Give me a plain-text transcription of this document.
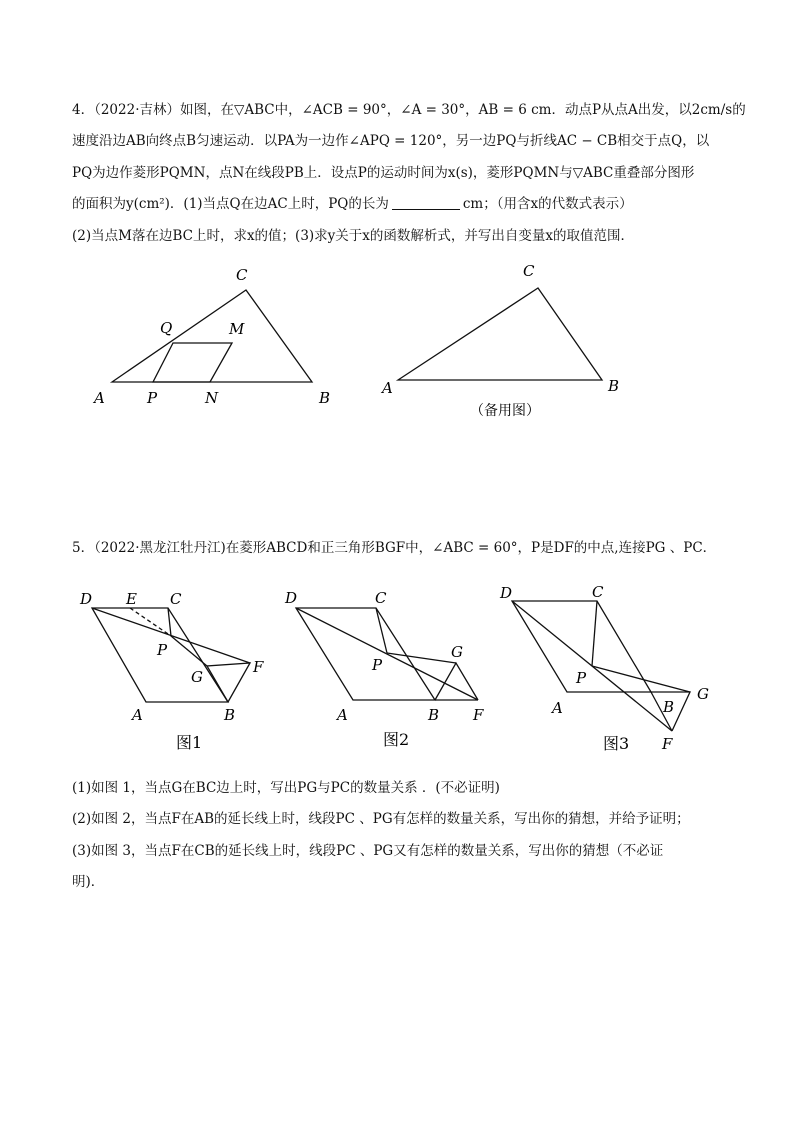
4．（2022·吉林）如图，在▽ABC中，∠ACB = 90°，∠A = 30°，AB = 6 cm．动点P从点A出发，以2cm/s的
速度沿边AB向终点B匀速运动．以PA为一边作∠APQ = 120°，另一边PQ与折线AC − CB相交于点Q，以
PQ为边作菱形PQMN，点N在线段PB上．设点P的运动时间为x(s)，菱形PQMN与▽ABC重叠部分图形
的面积为y(cm²)．(1)当点Q在边AC上时，PQ的长为	cm；（用含x的代数式表示）
(2)当点M落在边BC上时，求x的值；(3)求y关于x的函数解析式，并写出自变量x的取值范围．
C
Q	M
A	P	N	B
C
A	B
（备用图）
5．（2022·黑龙江牡丹江)在菱形ABCD和正三角形BGF中，∠ABC = 60°，P是DF的中点,连接PG 、PC．
D E C
P
G
F
A	B
图1
D	C
P
G
A	B F
图2
D	C
P
G
A	B
F
图3
(1)如图 1，当点G在BC边上时，写出PG与PC的数量关系 ．(不必证明)
(2)如图 2，当点F在AB的延长线上时，线段PC 、PG有怎样的数量关系，写出你的猜想，并给予证明；
(3)如图 3，当点F在CB的延长线上时，线段PC 、PG又有怎样的数量关系，写出你的猜想（不必证
明)．
